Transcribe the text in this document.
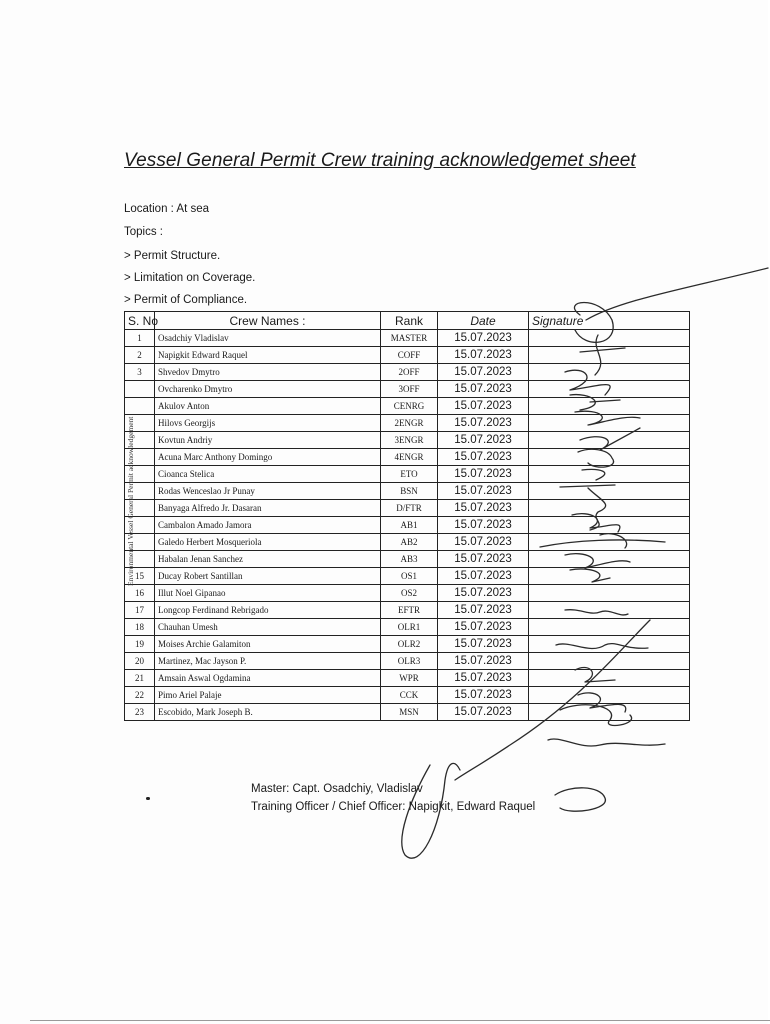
Vessel General Permit Crew training acknowledgemet sheet
Location : At sea
Topics :
> Permit Structure.
> Limitation on Coverage.
> Permit of Compliance.
S. No	Crew Names :	Rank	Date	Signature
1	Osadchiy Vladislav	MASTER	15.07.2023	
2	Napigkit Edward Raquel	COFF	15.07.2023	
3	Shvedov Dmytro	2OFF	15.07.2023	
	Ovcharenko Dmytro	3OFF	15.07.2023	
	Akulov Anton	CENRG	15.07.2023	
	Hilovs Georgijs	2ENGR	15.07.2023	
	Kovtun Andriy	3ENGR	15.07.2023	
	Acuna Marc Anthony Domingo	4ENGR	15.07.2023	
	Cioanca Stelica	ETO	15.07.2023	
	Rodas Wenceslao Jr Punay	BSN	15.07.2023	
	Banyaga Alfredo Jr. Dasaran	D/FTR	15.07.2023	
	Cambalon Amado Jamora	AB1	15.07.2023	
	Galedo Herbert Mosqueriola	AB2	15.07.2023	
	Habalan Jenan Sanchez	AB3	15.07.2023	
15	Ducay Robert Santillan	OS1	15.07.2023	
16	Illut Noel Gipanao	OS2	15.07.2023	
17	Longcop Ferdinand Rebrigado	EFTR	15.07.2023	
18	Chauhan Umesh	OLR1	15.07.2023	
19	Moises Archie Galamiton	OLR2	15.07.2023	
20	Martinez, Mac Jayson P.	OLR3	15.07.2023	
21	Amsain Aswal Ogdamina	WPR	15.07.2023	
22	Pimo Ariel Palaje	CCK	15.07.2023	
23	Escobido, Mark Joseph B.	MSN	15.07.2023	
Environmental Vessel General Permit acknowledgement
Master: Capt. Osadchiy, Vladislav
Training Officer / Chief Officer: Napigkit, Edward Raquel
